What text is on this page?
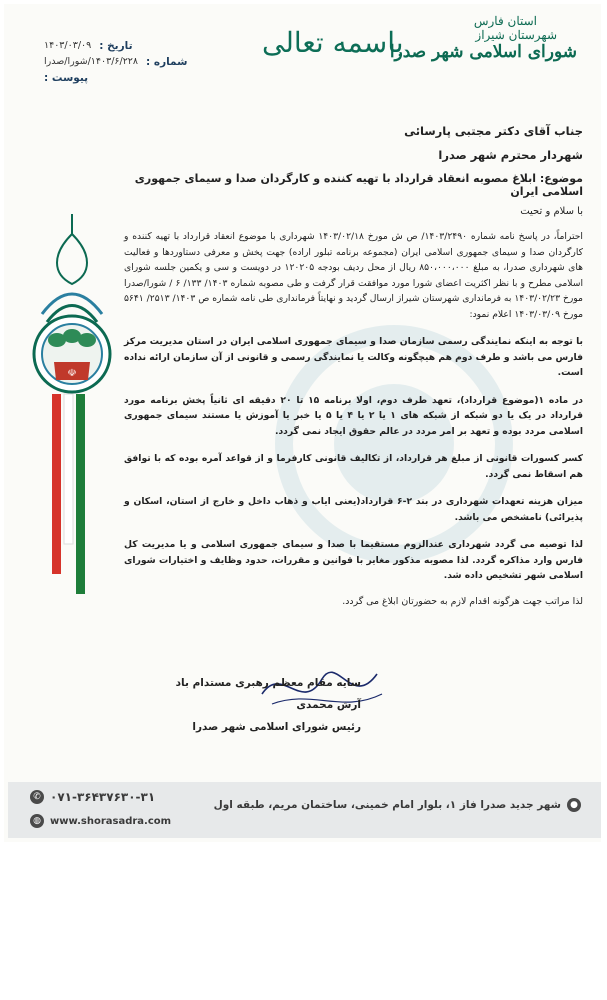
تاریخ :
۱۴۰۳/۰۳/۰۹
شماره :
۱۴۰۳/۶/۲۲۸/شورا/صدرا
پیوست :
باسمه تعالی
استان فارس
شهرستان شیراز
شورای اسلامی شهر صدرا
☫
جناب آقای دکتر مجتبی پارسائی
شهردار محترم شهر صدرا
موضوع: ابلاغ مصوبه انعقاد قرارداد با تهیه کننده و کارگردان صدا و سیمای جمهوری اسلامی ایران
با سلام و تحیت
احتراماً، در پاسخ نامه شماره ۱۴۰۳/۲۴۹۰/ ص ش مورخ ۱۴۰۳/۰۲/۱۸ شهرداری با موضوع انعقاد قرارداد با تهیه کننده و کارگردان صدا و سیمای جمهوری اسلامی ایران (مجموعه برنامه تبلور اراده) جهت پخش و معرفی دستاوردها و فعالیت های شهرداری صدرا، به مبلغ ۸۵۰،۰۰۰،۰۰۰ ریال از محل ردیف بودجه ۱۲۰۲۰۵ در دویست و سی و یکمین جلسه شورای اسلامی مطرح و با نظر اکثریت اعضای شورا مورد موافقت قرار گرفت و طی مصوبه شماره ۱۴۰۳/ ۱۳۳/ ۶ / شورا/صدرا مورخ ۱۴۰۳/۰۲/۲۳ به فرمانداری شهرستان شیراز ارسال گردید و نهایتاً فرمانداری طی نامه شماره ص ۱۴۰۳/ ۲۵۱۳/ ۵۶۴۱ مورخ ۱۴۰۳/۰۳/۰۹ اعلام نمود:
با توجه به اینکه نمایندگی رسمی سازمان صدا و سیمای جمهوری اسلامی ایران در استان مدیریت مرکز فارس می باشد و طرف دوم هم هیچگونه وکالت یا نمایندگی رسمی و قانونی از آن سازمان ارائه نداده است.
در ماده ۱(موضوع قرارداد)، تعهد طرف دوم، اولا برنامه ۱۵ تا ۲۰ دقیقه ای ثانیاً پخش برنامه مورد قرارداد در یک یا دو شبکه از شبکه های ۱ یا ۲ یا ۴ یا ۵ یا خبر یا آموزش یا مستند سیمای جمهوری اسلامی مردد بوده و تعهد بر امر مردد در عالم حقوق ایجاد نمی گردد.
کسر کسورات قانونی از مبلغ هر قرارداد، از تکالیف قانونی کارفرما و از قواعد آمره بوده که با توافق هم اسقاط نمی گردد.
میزان هزینه تعهدات شهرداری در بند ۲-۶ قرارداد(یعنی ایاب و ذهاب داخل و خارج از استان، اسکان و پذیرائی) نامشخص می باشد.
لذا توصیه می گردد شهرداری عندالزوم مستقیما با صدا و سیمای جمهوری اسلامی و یا مدیریت کل فارس وارد مذاکره گردد. لذا مصوبه مذکور مغایر با قوانین و مقررات، حدود وظایف و اختیارات شورای اسلامی شهر تشخیص داده شد.
لذا مراتب جهت هرگونه اقدام لازم به حضورتان ابلاغ می گردد.
سایه مقام معظم رهبری مستدام باد
آرش محمدی
رئیس شورای اسلامی شهر صدرا
✆ ۰۷۱-۳۶۴۳۷۶۳۰-۳۱
◍ www.shorasadra.com
●
شهر جدید صدرا فاز ۱، بلوار امام خمینی، ساختمان مریم، طبقه اول
